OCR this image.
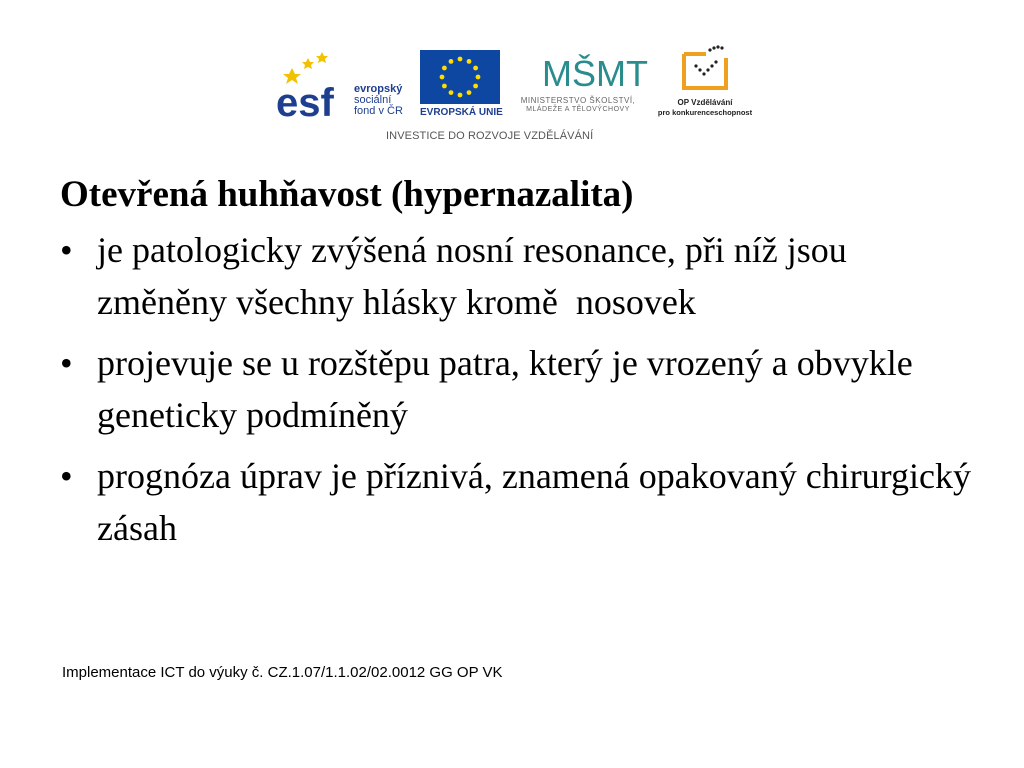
esf evropský
sociální
fond v ČR EVROPSKÁ UNIE
MŠMT
MINISTERSTVO ŠKOLSTVÍ,
MLÁDEŽE A TĚLOVÝCHOVY
OP Vzdělávání
pro konkurenceschopnost
INVESTICE DO ROZVOJE VZDĚLÁVÁNÍ
Otevřená huhňavost (hypernazalita)
• je patologicky zvýšená nosní resonance, při níž jsou změněny všechny hlásky kromě  nosovek
• projevuje se u rozštěpu patra, který je vrozený a obvykle geneticky podmíněný
• prognóza úprav je příznivá, znamená opakovaný chirurgický zásah
Implementace ICT do výuky č. CZ.1.07/1.1.02/02.0012 GG OP VK
